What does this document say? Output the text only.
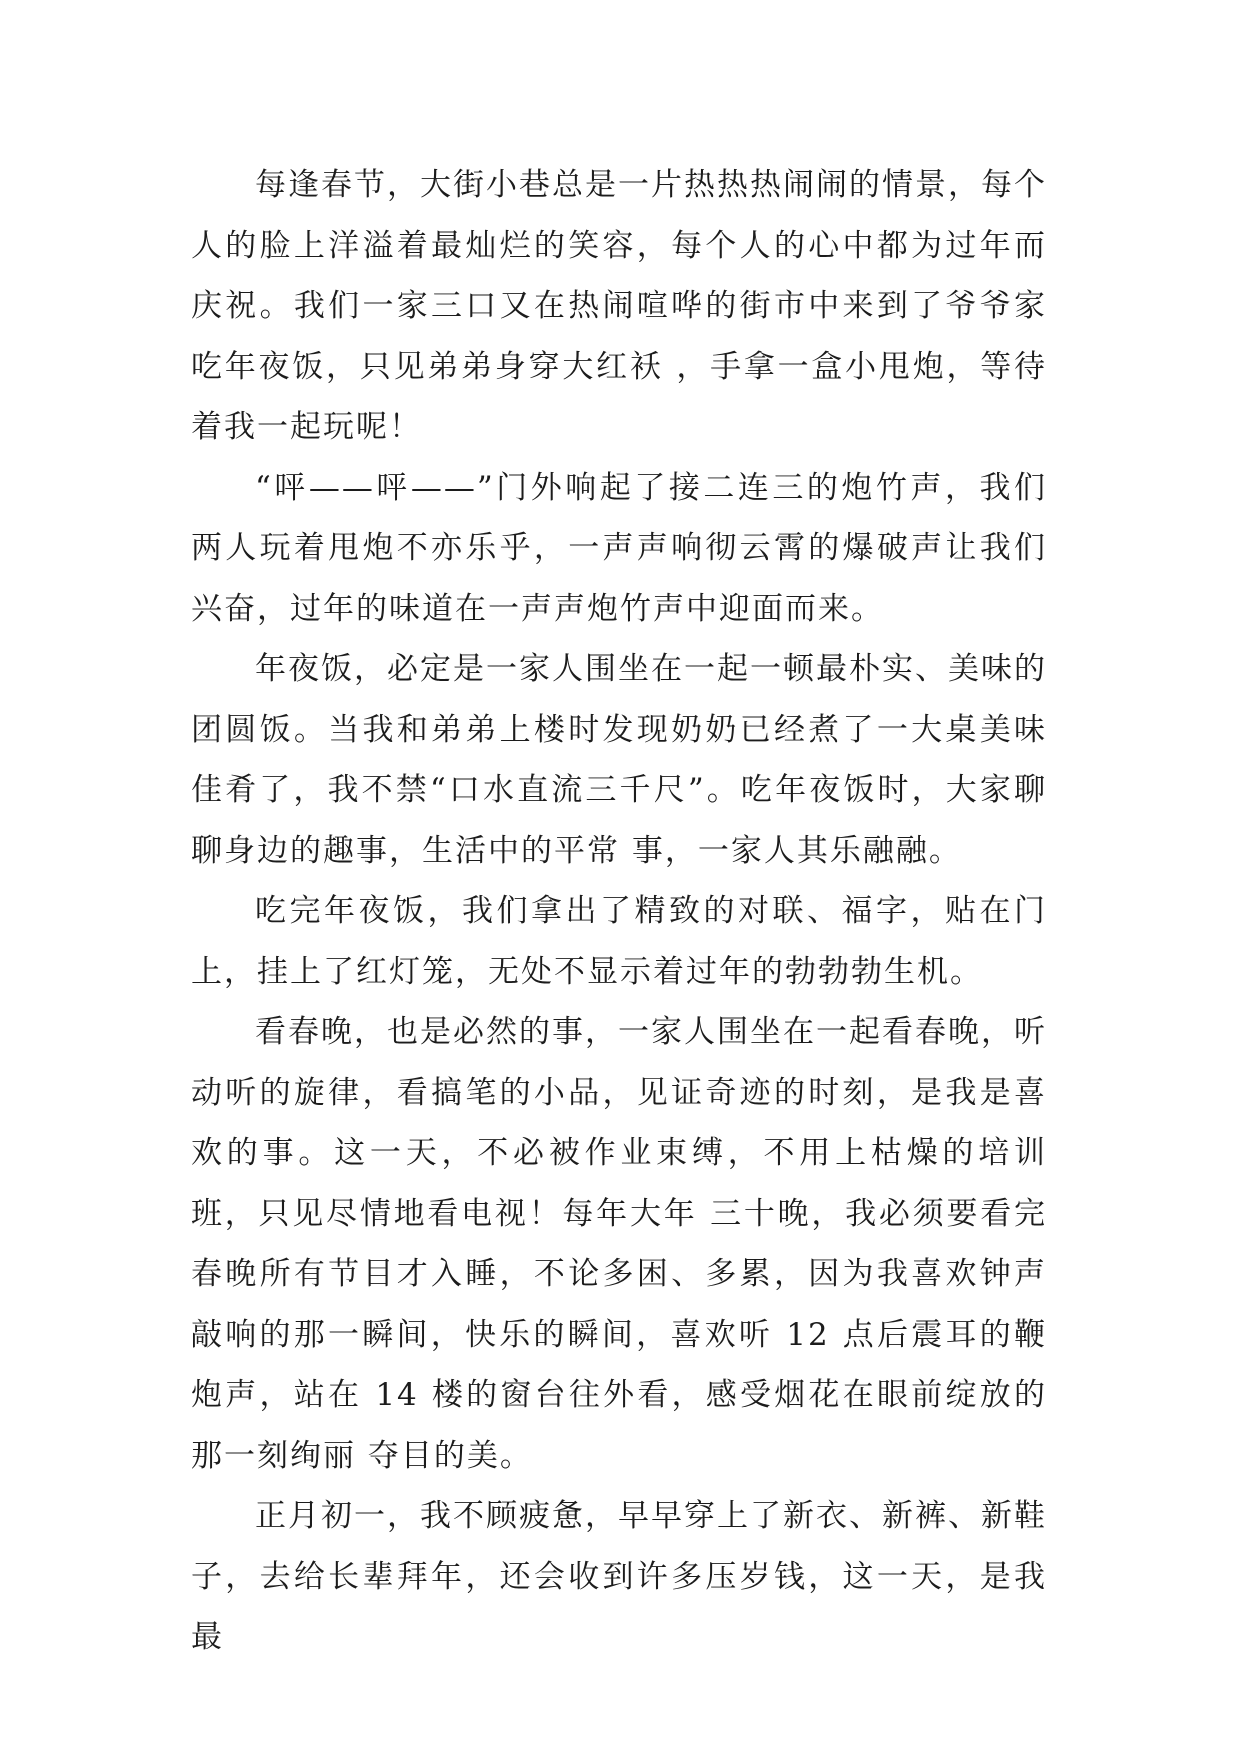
每逢春节，大街小巷总是一片热热热闹闹的情景，每个人的脸上洋溢着最灿烂的笑容，每个人的心中都为过年而庆祝。我们一家三口又在热闹喧哗的街市中来到了爷爷家吃年夜饭，只见弟弟身穿大红袄 ，手拿一盒小甩炮，等待着我一起玩呢！

“呯——呯——”门外响起了接二连三的炮竹声，我们两人玩着甩炮不亦乐乎，一声声响彻云霄的爆破声让我们兴奋，过年的味道在一声声炮竹声中迎面而来。

年夜饭，必定是一家人围坐在一起一顿最朴实、美味的团圆饭。当我和弟弟上楼时发现奶奶已经煮了一大桌美味佳肴了，我不禁“口水直流三千尺”。吃年夜饭时，大家聊聊身边的趣事，生活中的平常 事，一家人其乐融融。

吃完年夜饭，我们拿出了精致的对联、福字，贴在门上，挂上了红灯笼，无处不显示着过年的勃勃勃生机。

看春晚，也是必然的事，一家人围坐在一起看春晚，听动听的旋律，看搞笔的小品，见证奇迹的时刻，是我是喜欢的事。这一天，不必被作业束缚，不用上枯燥的培训班，只见尽情地看电视！每年大年 三十晚，我必须要看完春晚所有节目才入睡，不论多困、多累，因为我喜欢钟声敲响的那一瞬间，快乐的瞬间，喜欢听 12 点后震耳的鞭炮声，站在 14 楼的窗台往外看，感受烟花在眼前绽放的那一刻绚丽 夺目的美。

正月初一，我不顾疲惫，早早穿上了新衣、新裤、新鞋子，去给长辈拜年，还会收到许多压岁钱，这一天，是我最
